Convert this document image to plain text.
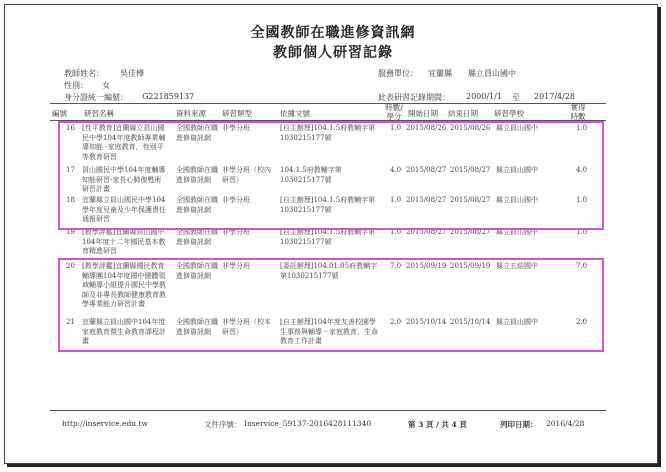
全國教師在職進修資訊網
教師個人研習記錄
教師姓名： 吳佳樺	服務單位： 宜蘭縣 縣立員山國中
性別： 女
身分證統一編號： G221859137	此表研習記錄期間： 2000/1/1 至 2017/4/28
編號 研習名稱	資料來源 研習類型	依據文號
時數/學分 開始日期 結束日期 研習學校
實得時數
16 [性平教育]宜蘭縣立員山國民中學104年度教師專業輔導知能 -家庭教育，性別平等教育研習
全國教師在職進修資訊網
非學分班	[自主辦理]104.1.5府教輔字第1030215177號
1.0 2015/08/26 2015/08/26 縣立員山國中	1.0
17 員山國民中學104年度輔導知能研習-家長心肺復甦術研習計畫
全國教師在職進修資訊網
非學分班（校內研習）
104.1.5府教輔字第1030215177號
4.0 2015/08/27 2015/08/27 縣立員山國中	4.0
18 宜蘭縣立員山國民中學104學年度兒童及少年保護責任通報研習
全國教師在職進修資訊網
非學分班	[自主辦理]104.1.5府教輔字第1030215177號
1.0 2015/08/27 2015/08/27 縣立員山國中	1.0
19 [教學評鑑]宜蘭縣員山國中104年度十二年國民基本教育精進研習
全國教師在職進修資訊網
非學分班	[自主辦理]104.1.5府教輔字第1030215177號
1.0 2015/08/27 2015/08/27 縣立員山國中	1.0
20 [教學評鑑]宜蘭縣國民教育輔導團104年度國中健體領域輔導小組提升國民中學教師及非專長教師健康教育教學專業能力研習計畫
全國教師在職進修資訊網
非學分班	[委託辦理]104.01.05府教輔字第1030215177號
7.0 2015/09/19 2015/09/19 縣立五結國中	7.0
21 宜蘭縣立員山國中104年度家庭教育暨生命教育課程計畫
全國教師在職進修資訊網
非學分班（校本研習）
[自主辦理]104年度友善校園學生事務與輔導－家庭教育，生命教育工作計畫
2.0 2015/10/14 2015/10/14 縣立員山國中	2.0
http://inservice.edu.tw	文件序號： Inservice_59137-2016428111340	第 3 頁 / 共 4 頁	列印日期： 2016/4/28
